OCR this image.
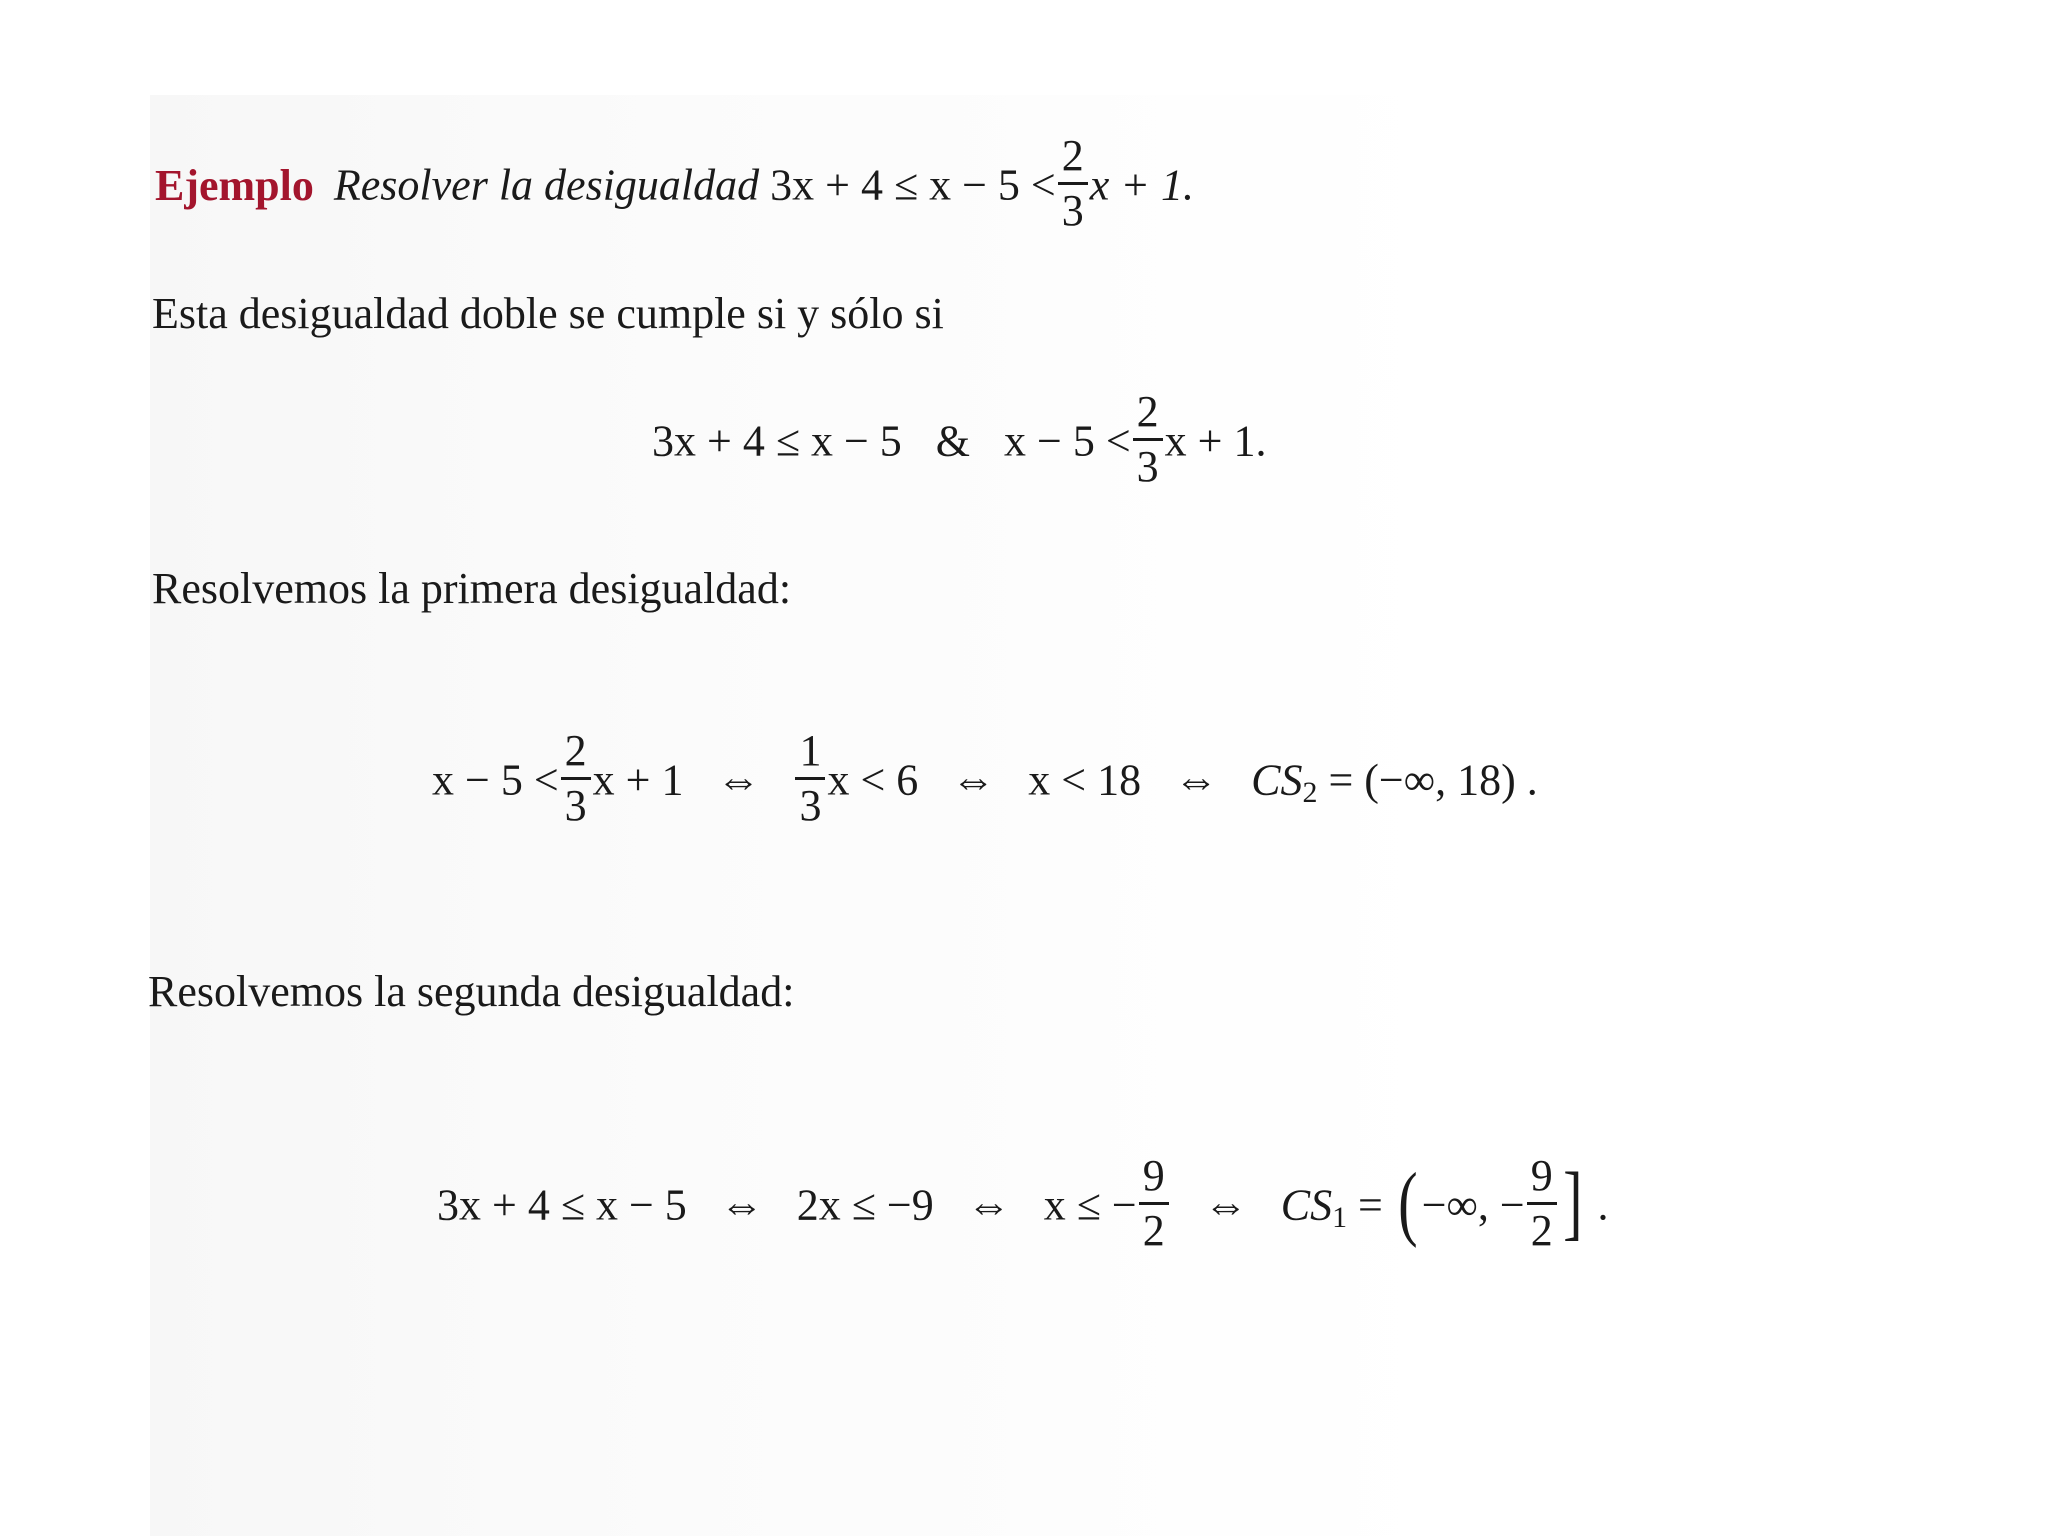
Ejemplo Resolver la desigualdad $3x + 4 \le x - 5 < \frac{2}{3}$ x + 1.
Esta desigualdad doble se cumple si y sólo si
3x + 4 ≤ x − 5 & $x - 5 < \frac{2}{3}$ x + 1.
Resolvemos la primera desigualdad:
$x - 5 < \frac{2}{3}$ x + 1 ⇔ $\frac{1}{3}$ x < 6 ⇔ x < 18 ⇔ $CS_2$ = (−∞, 18) .
Resolvemos la segunda desigualdad:
3x + 4 ≤ x − 5 ⇔ 2x ≤ −9 ⇔ x ≤ − $\frac{9}{2}$ ⇔ $CS_1$ = (−∞, − $\frac{9}{2}$ ] .
